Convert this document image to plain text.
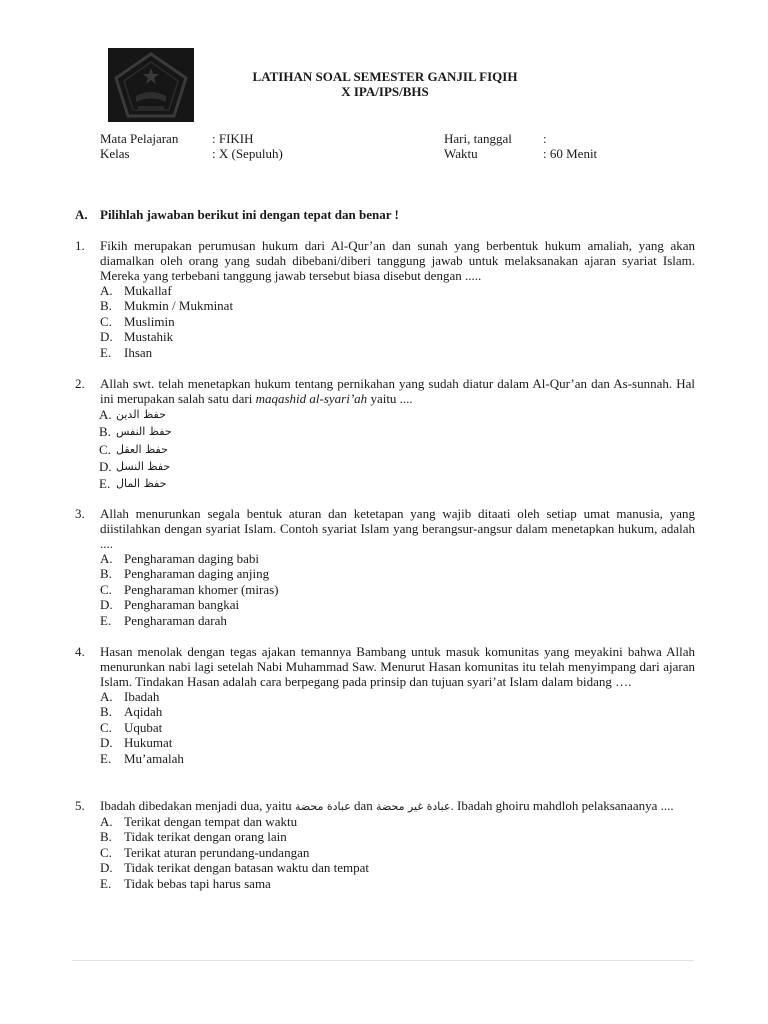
LATIHAN SOAL SEMESTER GANJIL FIQIH
X IPA/IPS/BHS
Mata Pelajaran	: FIKIH
Kelas	: X (Sepuluh)
Hari, tanggal :
Waktu	: 60 Menit
A. Pilihlah jawaban berikut ini dengan tepat dan benar !
1. Fikih merupakan perumusan hukum dari Al-Qur’an dan sunah yang berbentuk hukum amaliah, yang akan diamalkan oleh orang yang sudah dibebani/diberi tanggung jawab untuk melaksanakan ajaran syariat Islam. Mereka yang terbebani tanggung jawab tersebut biasa disebut dengan .....
A. Mukallaf
B. Mukmin / Mukminat
C. Muslimin
D. Mustahik
E. Ihsan
2. Allah swt. telah menetapkan hukum tentang pernikahan yang sudah diatur dalam Al-Qur’an dan As-sunnah. Hal ini merupakan salah satu dari maqashid al-syari’ah yaitu ....
A. حفظ الدين
B. حفظ النفس
C. حفظ العقل
D. حفظ النسل
E. حفظ المال
3. Allah menurunkan segala bentuk aturan dan ketetapan yang wajib ditaati oleh setiap umat manusia, yang diistilahkan dengan syariat Islam. Contoh syariat Islam yang berangsur-angsur dalam menetapkan hukum, adalah ....
A. Pengharaman daging babi
B. Pengharaman daging anjing
C. Pengharaman khomer (miras)
D. Pengharaman bangkai
E. Pengharaman darah
4. Hasan menolak dengan tegas ajakan temannya Bambang untuk masuk komunitas yang meyakini bahwa Allah menurunkan nabi lagi setelah Nabi Muhammad Saw. Menurut Hasan komunitas itu telah menyimpang dari ajaran Islam. Tindakan Hasan adalah cara berpegang pada prinsip dan tujuan syari’at Islam dalam bidang ….
A. Ibadah
B. Aqidah
C. Uqubat
D. Hukumat
E. Mu’amalah
5. Ibadah dibedakan menjadi dua, yaitu عبادة محضة dan عبادة غير محضة. Ibadah ghoiru mahdloh pelaksanaanya ....
A. Terikat dengan tempat dan waktu
B. Tidak terikat dengan orang lain
C. Terikat aturan perundang-undangan
D. Tidak terikat dengan batasan waktu dan tempat
E. Tidak bebas tapi harus sama
